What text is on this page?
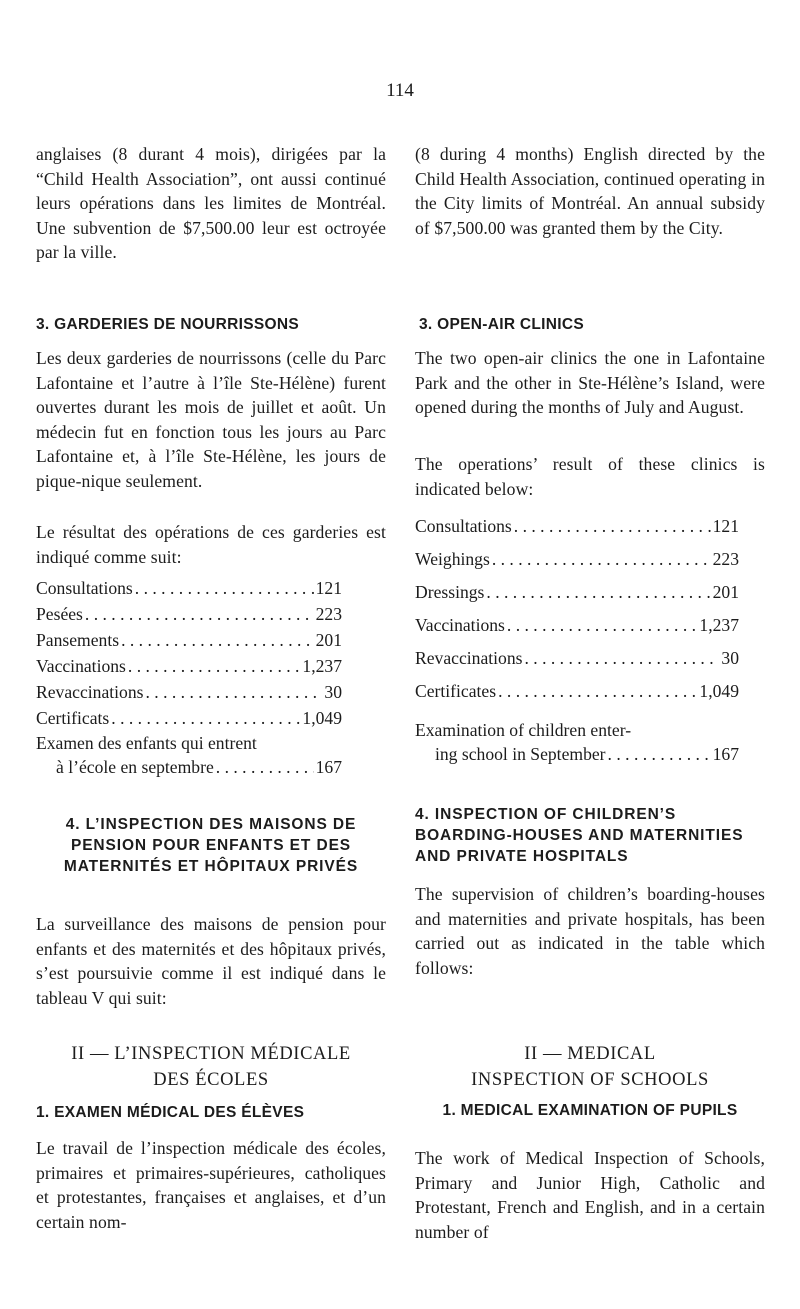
114

anglaises (8 durant 4 mois), dirigées par la “Child Health Association”, ont aussi continué leurs opérations dans les limites de Montréal. Une subvention de $7,500.00 leur est octroyée par la ville.

3. GARDERIES DE NOURRISSONS

Les deux garderies de nourrissons (celle du Parc Lafontaine et l’autre à l’île Ste-Hélène) furent ouvertes durant les mois de juillet et août. Un médecin fut en fonction tous les jours au Parc Lafontaine et, à l’île Ste-Hélène, les jours de pique-nique seulement.

Le résultat des opérations de ces garderies est indiqué comme suit:

Consultations . . .	121
Pesées . . .	223
Pansements . . .	201
Vaccinations . . .	1,237
Revaccinations . . .	30
Certificats . . .	1,049
Examen des enfants qui entrent
à l’école en septembre . . .	167
4. L’INSPECTION DES MAISONS DE PENSION POUR ENFANTS ET DES MATERNITÉS ET HÔPITAUX PRIVÉS

La surveillance des maisons de pension pour enfants et des maternités et des hôpitaux privés, s’est poursuivie comme il est indiqué dans le tableau V qui suit:

II — L’INSPECTION MÉDICALE
DES ÉCOLES
1. EXAMEN MÉDICAL DES ÉLÈVES

Le travail de l’inspection médicale des écoles, primaires et primaires-supérieures, catholiques et protestantes, françaises et anglaises, et d’un certain nom-

(8 during 4 months) English directed by the Child Health Association, continued operating in the City limits of Montréal. An annual subsidy of $7,500.00 was granted them by the City.

3. OPEN-AIR CLINICS

The two open-air clinics the one in Lafontaine Park and the other in Ste-Hélène’s Island, were opened during the months of July and August.

The operations’ result of these clinics is indicated below:

Consultations . . .	121
Weighings . . .	223
Dressings . . .	201
Vaccinations . . .	1,237
Revaccinations . . .	30
Certificates . . .	1,049
Examination of children enter-
ing school in September . . .	167
4. INSPECTION OF CHILDREN’S BOARDING-HOUSES AND MATERNITIES AND PRIVATE HOSPITALS

The supervision of children’s boarding-houses and maternities and private hospitals, has been carried out as indicated in the table which follows:

II — MEDICAL
INSPECTION OF SCHOOLS
1. MEDICAL EXAMINATION OF PUPILS

The work of Medical Inspection of Schools, Primary and Junior High, Catholic and Protestant, French and English, and in a certain number of
